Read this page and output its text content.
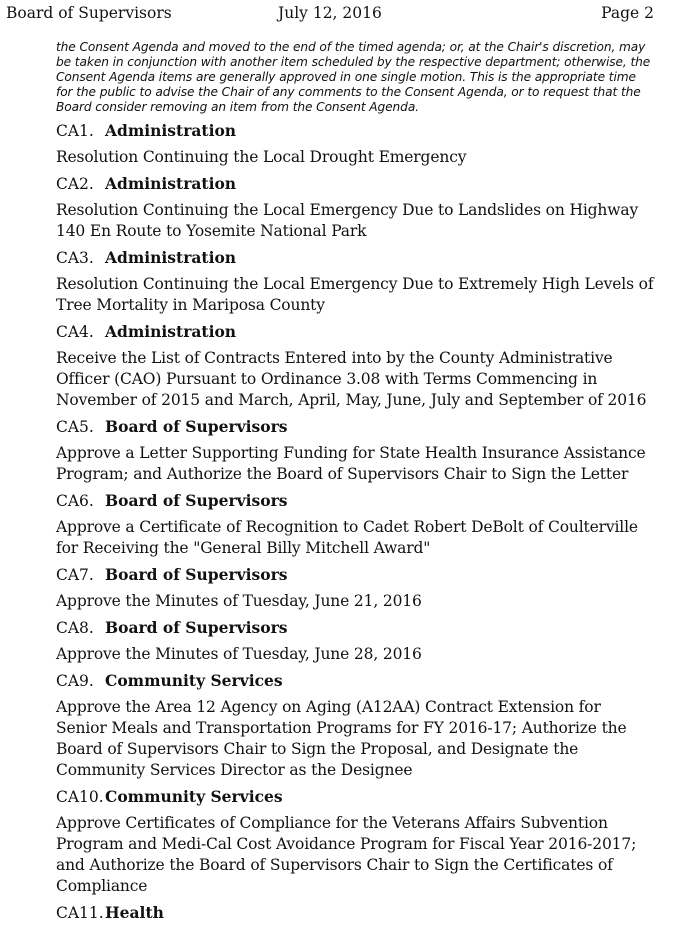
Board of Supervisors	July 12, 2016	Page 2

the Consent Agenda and moved to the end of the timed agenda; or, at the Chair's discretion, may be taken in conjunction with another item scheduled by the respective department; otherwise, the Consent Agenda items are generally approved in one single motion. This is the appropriate time for the public to advise the Chair of any comments to the Consent Agenda, or to request that the Board consider removing an item from the Consent Agenda.

CA1. Administration
Resolution Continuing the Local Drought Emergency
CA2. Administration
Resolution Continuing the Local Emergency Due to Landslides on Highway 140 En Route to Yosemite National Park
CA3. Administration
Resolution Continuing the Local Emergency Due to Extremely High Levels of Tree Mortality in Mariposa County
CA4. Administration
Receive the List of Contracts Entered into by the County Administrative Officer (CAO) Pursuant to Ordinance 3.08 with Terms Commencing in November of 2015 and March, April, May, June, July and September of 2016
CA5. Board of Supervisors
Approve a Letter Supporting Funding for State Health Insurance Assistance Program; and Authorize the Board of Supervisors Chair to Sign the Letter
CA6. Board of Supervisors
Approve a Certificate of Recognition to Cadet Robert DeBolt of Coulterville for Receiving the "General Billy Mitchell Award"
CA7. Board of Supervisors
Approve the Minutes of Tuesday, June 21, 2016
CA8. Board of Supervisors
Approve the Minutes of Tuesday, June 28, 2016
CA9. Community Services
Approve the Area 12 Agency on Aging (A12AA) Contract Extension for Senior Meals and Transportation Programs for FY 2016-17; Authorize the Board of Supervisors Chair to Sign the Proposal, and Designate the Community Services Director as the Designee
CA10.Community Services
Approve Certificates of Compliance for the Veterans Affairs Subvention Program and Medi-Cal Cost Avoidance Program for Fiscal Year 2016-2017; and Authorize the Board of Supervisors Chair to Sign the Certificates of Compliance
CA11.Health
